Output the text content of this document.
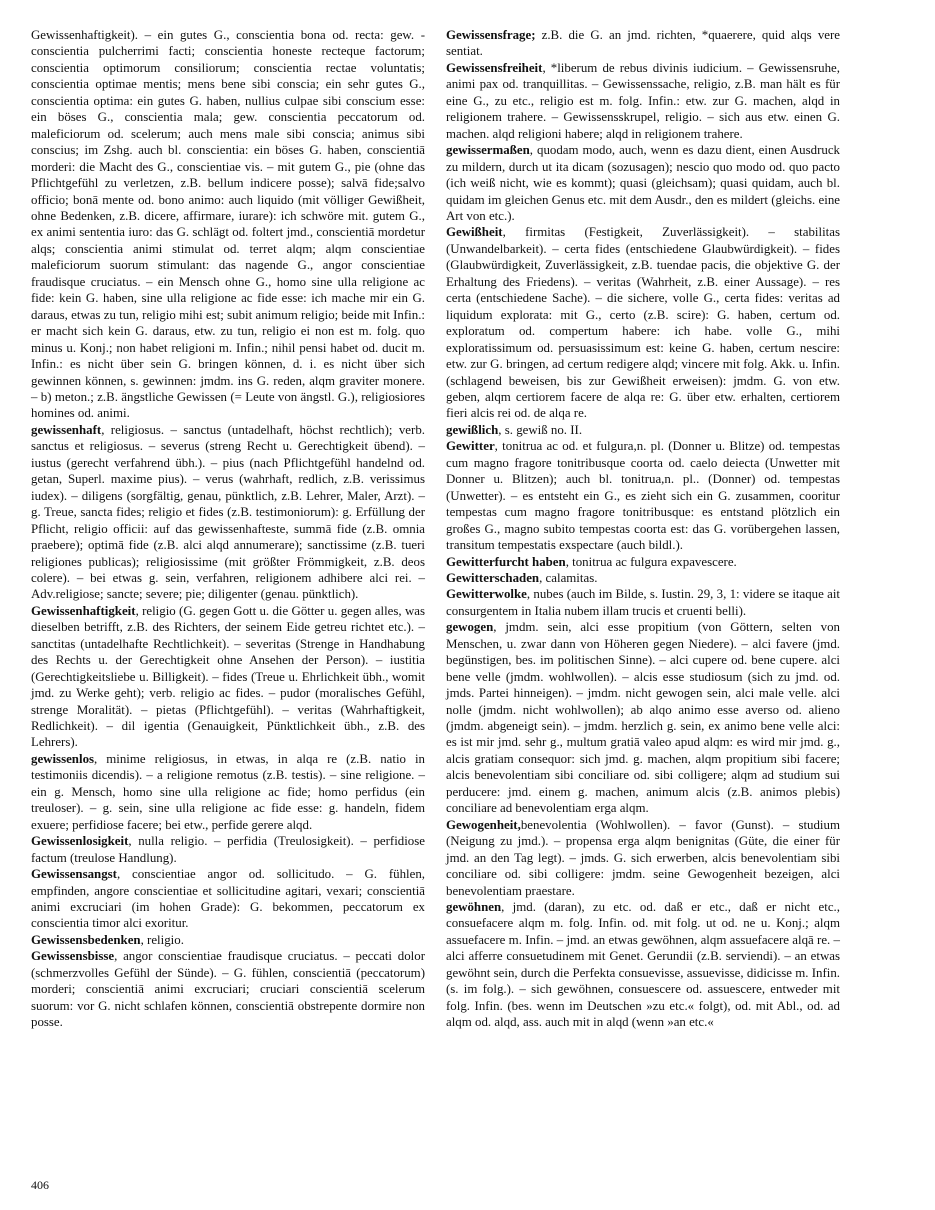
Gewissenhaftigkeit). – ein gutes G., conscientia bona od. recta: gew. -conscientia pulcherrimi facti; conscientia honeste recteque factorum; conscientia optimorum consiliorum; conscientia rectae voluntatis; conscientia optimae mentis; mens bene sibi conscia; ein sehr gutes G., conscientia optima: ein gutes G. haben, nullius culpae sibi conscium esse: ein böses G., conscientia mala; gew. conscientia peccatorum od. maleficiorum od. scelerum; auch mens male sibi conscia; animus sibi conscius; im Zshg. auch bl. conscientia: ein böses G. haben, conscientiā morderi: die Macht des G., conscientiae vis. – mit gutem G., pie (ohne das Pflichtgefühl zu verletzen, z.B. bellum indicere posse); salvā fide;salvo officio; bonā mente od. bono animo: auch liquido (mit völliger Gewißheit, ohne Bedenken, z.B. dicere, affirmare, iurare): ich schwöre mit. gutem G., ex animi sententia iuro: das G. schlägt od. foltert jmd., conscientiā mordetur alqs; conscientia animi stimulat od. terret alqm; alqm conscientiae maleficiorum suorum stimulant: das nagende G., angor conscientiae fraudisque cruciatus. – ein Mensch ohne G., homo sine ulla religione ac fide: kein G. haben, sine ulla religione ac fide esse: ich mache mir ein G. daraus, etwas zu tun, religio mihi est; subit animum religio; beide mit Infin.: er macht sich kein G. daraus, etw. zu tun, religio ei non est m. folg. quo minus u. Konj.; non habet religioni m. Infin.; nihil pensi habet od. ducit m. Infin.: es nicht über sein G. bringen können, d. i. es nicht über sich gewinnen können, s. gewinnen: jmdm. ins G. reden, alqm graviter monere. – b) meton.; z.B. ängstliche Gewissen (= Leute von ängstl. G.), religiosiores homines od. animi.

gewissenhaft, religiosus. – sanctus (untadelhaft, höchst rechtlich); verb. sanctus et religiosus. – severus (streng Recht u. Gerechtigkeit übend). – iustus (gerecht verfahrend übh.). – pius (nach Pflichtgefühl handelnd od. getan, Superl. maxime pius). – verus (wahrhaft, redlich, z.B. verissimus iudex). – diligens (sorgfältig, genau, pünktlich, z.B. Lehrer, Maler, Arzt). – g. Treue, sancta fides; religio et fides (z.B. testimoniorum): g. Erfüllung der Pflicht, religio officii: auf das gewissenhafteste, summā fide (z.B. omnia praebere); optimā fide (z.B. alci alqd annumerare); sanctissime (z.B. tueri religiones publicas); religiosissime (mit größter Frömmigkeit, z.B. deos colere). – bei etwas g. sein, verfahren, religionem adhibere alci rei. – Adv.religiose; sancte; severe; pie; diligenter (genau. pünktlich).

Gewissenhaftigkeit, religio (G. gegen Gott u. die Götter u. gegen alles, was dieselben betrifft, z.B. des Richters, der seinem Eide getreu richtet etc.). – sanctitas (untadelhafte Rechtlichkeit). – severitas (Strenge in Handhabung des Rechts u. der Gerechtigkeit ohne Ansehen der Person). – iustitia (Gerechtigkeitsliebe u. Billigkeit). – fides (Treue u. Ehrlichkeit übh., womit jmd. zu Werke geht); verb. religio ac fides. – pudor (moralisches Gefühl, strenge Moralität). – pietas (Pflichtgefühl). – veritas (Wahrhaftigkeit, Redlichkeit). – dil igentia (Genauigkeit, Pünktlichkeit übh., z.B. des Lehrers).

gewissenlos, minime religiosus, in etwas, in alqa re (z.B. natio in testimoniis dicendis). – a religione remotus (z.B. testis). – sine religione. – ein g. Mensch, homo sine ulla religione ac fide; homo perfidus (ein treuloser). – g. sein, sine ulla religione ac fide esse: g. handeln, fidem exuere; perfidiose facere; bei etw., perfide gerere alqd.

Gewissenlosigkeit, nulla religio. – perfidia (Treulosigkeit). – perfidiose factum (treulose Handlung).

Gewissensangst, conscientiae angor od. sollicitudo. – G. fühlen, empfinden, angore conscientiae et sollicitudine agitari, vexari; conscientiā animi excruciari (im hohen Grade): G. bekommen, peccatorum ex conscientia timor alci exoritur.

Gewissensbedenken, religio.

Gewissensbisse, angor conscientiae fraudisque cruciatus. – peccati dolor (schmerzvolles Gefühl der Sünde). – G. fühlen, conscientiā (peccatorum) morderi; conscientiā animi excruciari; cruciari conscientiā scelerum suorum: vor G. nicht schlafen können, conscientiā obstrepente dormire non posse.

Gewissensfrage; z.B. die G. an jmd. richten, *quaerere, quid alqs vere sentiat.

Gewissensfreiheit, *liberum de rebus divinis iudicium. – Gewissensruhe, animi pax od. tranquillitas. – Gewissenssache, religio, z.B. man hält es für eine G., zu etc., religio est m. folg. Infin.: etw. zur G. machen, alqd in religionem trahere. – Gewissensskrupel, religio. – sich aus etw. einen G. machen. alqd religioni habere; alqd in religionem trahere.

gewissermaßen, quodam modo, auch, wenn es dazu dient, einen Ausdruck zu mildern, durch ut ita dicam (sozusagen); nescio quo modo od. quo pacto (ich weiß nicht, wie es kommt); quasi (gleichsam); quasi quidam, auch bl. quidam im gleichen Genus etc. mit dem Ausdr., den es mildert (gleichs. eine Art von etc.).

Gewißheit, firmitas (Festigkeit, Zuverlässigkeit). – stabilitas (Unwandelbarkeit). – certa fides (entschiedene Glaubwürdigkeit). – fides (Glaubwürdigkeit, Zuverlässigkeit, z.B. tuendae pacis, die objektive G. der Erhaltung des Friedens). – veritas (Wahrheit, z.B. einer Aussage). – res certa (entschiedene Sache). – die sichere, volle G., certa fides: veritas ad liquidum explorata: mit G., certo (z.B. scire): G. haben, certum od. exploratum od. compertum habere: ich habe. volle G., mihi exploratissimum od. persuasissimum est: keine G. haben, certum nescire: etw. zur G. bringen, ad certum redigere alqd; vincere mit folg. Akk. u. Infin. (schlagend beweisen, bis zur Gewißheit erweisen): jmdm. G. von etw. geben, alqm certiorem facere de alqa re: G. über etw. erhalten, certiorem fieri alcis rei od. de alqa re.

gewißlich, s. gewiß no. II.

Gewitter, tonitrua ac od. et fulgura,n. pl. (Donner u. Blitze) od. tempestas cum magno fragore tonitribusque coorta od. caelo deiecta (Unwetter mit Donner u. Blitzen); auch bl. tonitrua,n. pl.. (Donner) od. tempestas (Unwetter). – es entsteht ein G., es zieht sich ein G. zusammen, cooritur tempestas cum magno fragore tonitribusque: es entstand plötzlich ein großes G., magno subito tempestas coorta est: das G. vorübergehen lassen, transitum tempestatis exspectare (auch bildl.).

Gewitterfurcht haben, tonitrua ac fulgura expavescere.

Gewitterschaden, calamitas.

Gewitterwolke, nubes (auch im Bilde, s. Iustin. 29, 3, 1: videre se itaque ait consurgentem in Italia nubem illam trucis et cruenti belli).

gewogen, jmdm. sein, alci esse propitium (von Göttern, selten von Menschen, u. zwar dann von Höheren gegen Niedere). – alci favere (jmd. begünstigen, bes. im politischen Sinne). – alci cupere od. bene cupere. alci bene velle (jmdm. wohlwollen). – alcis esse studiosum (sich zu jmd. od. jmds. Partei hinneigen). – jmdm. nicht gewogen sein, alci male velle. alci nolle (jmdm. nicht wohlwollen); ab alqo animo esse averso od. alieno (jmdm. abgeneigt sein). – jmdm. herzlich g. sein, ex animo bene velle alci: es ist mir jmd. sehr g., multum gratiā valeo apud alqm: es wird mir jmd. g., alcis gratiam consequor: sich jmd. g. machen, alqm propitium sibi facere; alcis benevolentiam sibi conciliare od. sibi colligere; alqm ad studium sui perducere: jmd. einem g. machen, animum alcis (z.B. animos plebis) conciliare ad benevolentiam erga alqm.

Gewogenheit,benevolentia (Wohlwollen). – favor (Gunst). – studium (Neigung zu jmd.). – propensa erga alqm benignitas (Güte, die einer für jmd. an den Tag legt). – jmds. G. sich erwerben, alcis benevolentiam sibi conciliare od. sibi colligere: jmdm. seine Gewogenheit bezeigen, alci benevolentiam praestare.

gewöhnen, jmd. (daran), zu etc. od. daß er etc., daß er nicht etc., consuefacere alqm m. folg. Infin. od. mit folg. ut od. ne u. Konj.; alqm assuefacere m. Infin. – jmd. an etwas gewöhnen, alqm assuefacere alqā re. – alci afferre consuetudinem mit Genet. Gerundii (z.B. serviendi). – an etwas gewöhnt sein, durch die Perfekta consuevisse, assuevisse, didicisse m. Infin. (s. im folg.). – sich gewöhnen, consuescere od. assuescere, entweder mit folg. Infin. (bes. wenn im Deutschen »zu etc.« folgt), od. mit Abl., od. ad alqm od. alqd, ass. auch mit in alqd (wenn »an etc.«

406
